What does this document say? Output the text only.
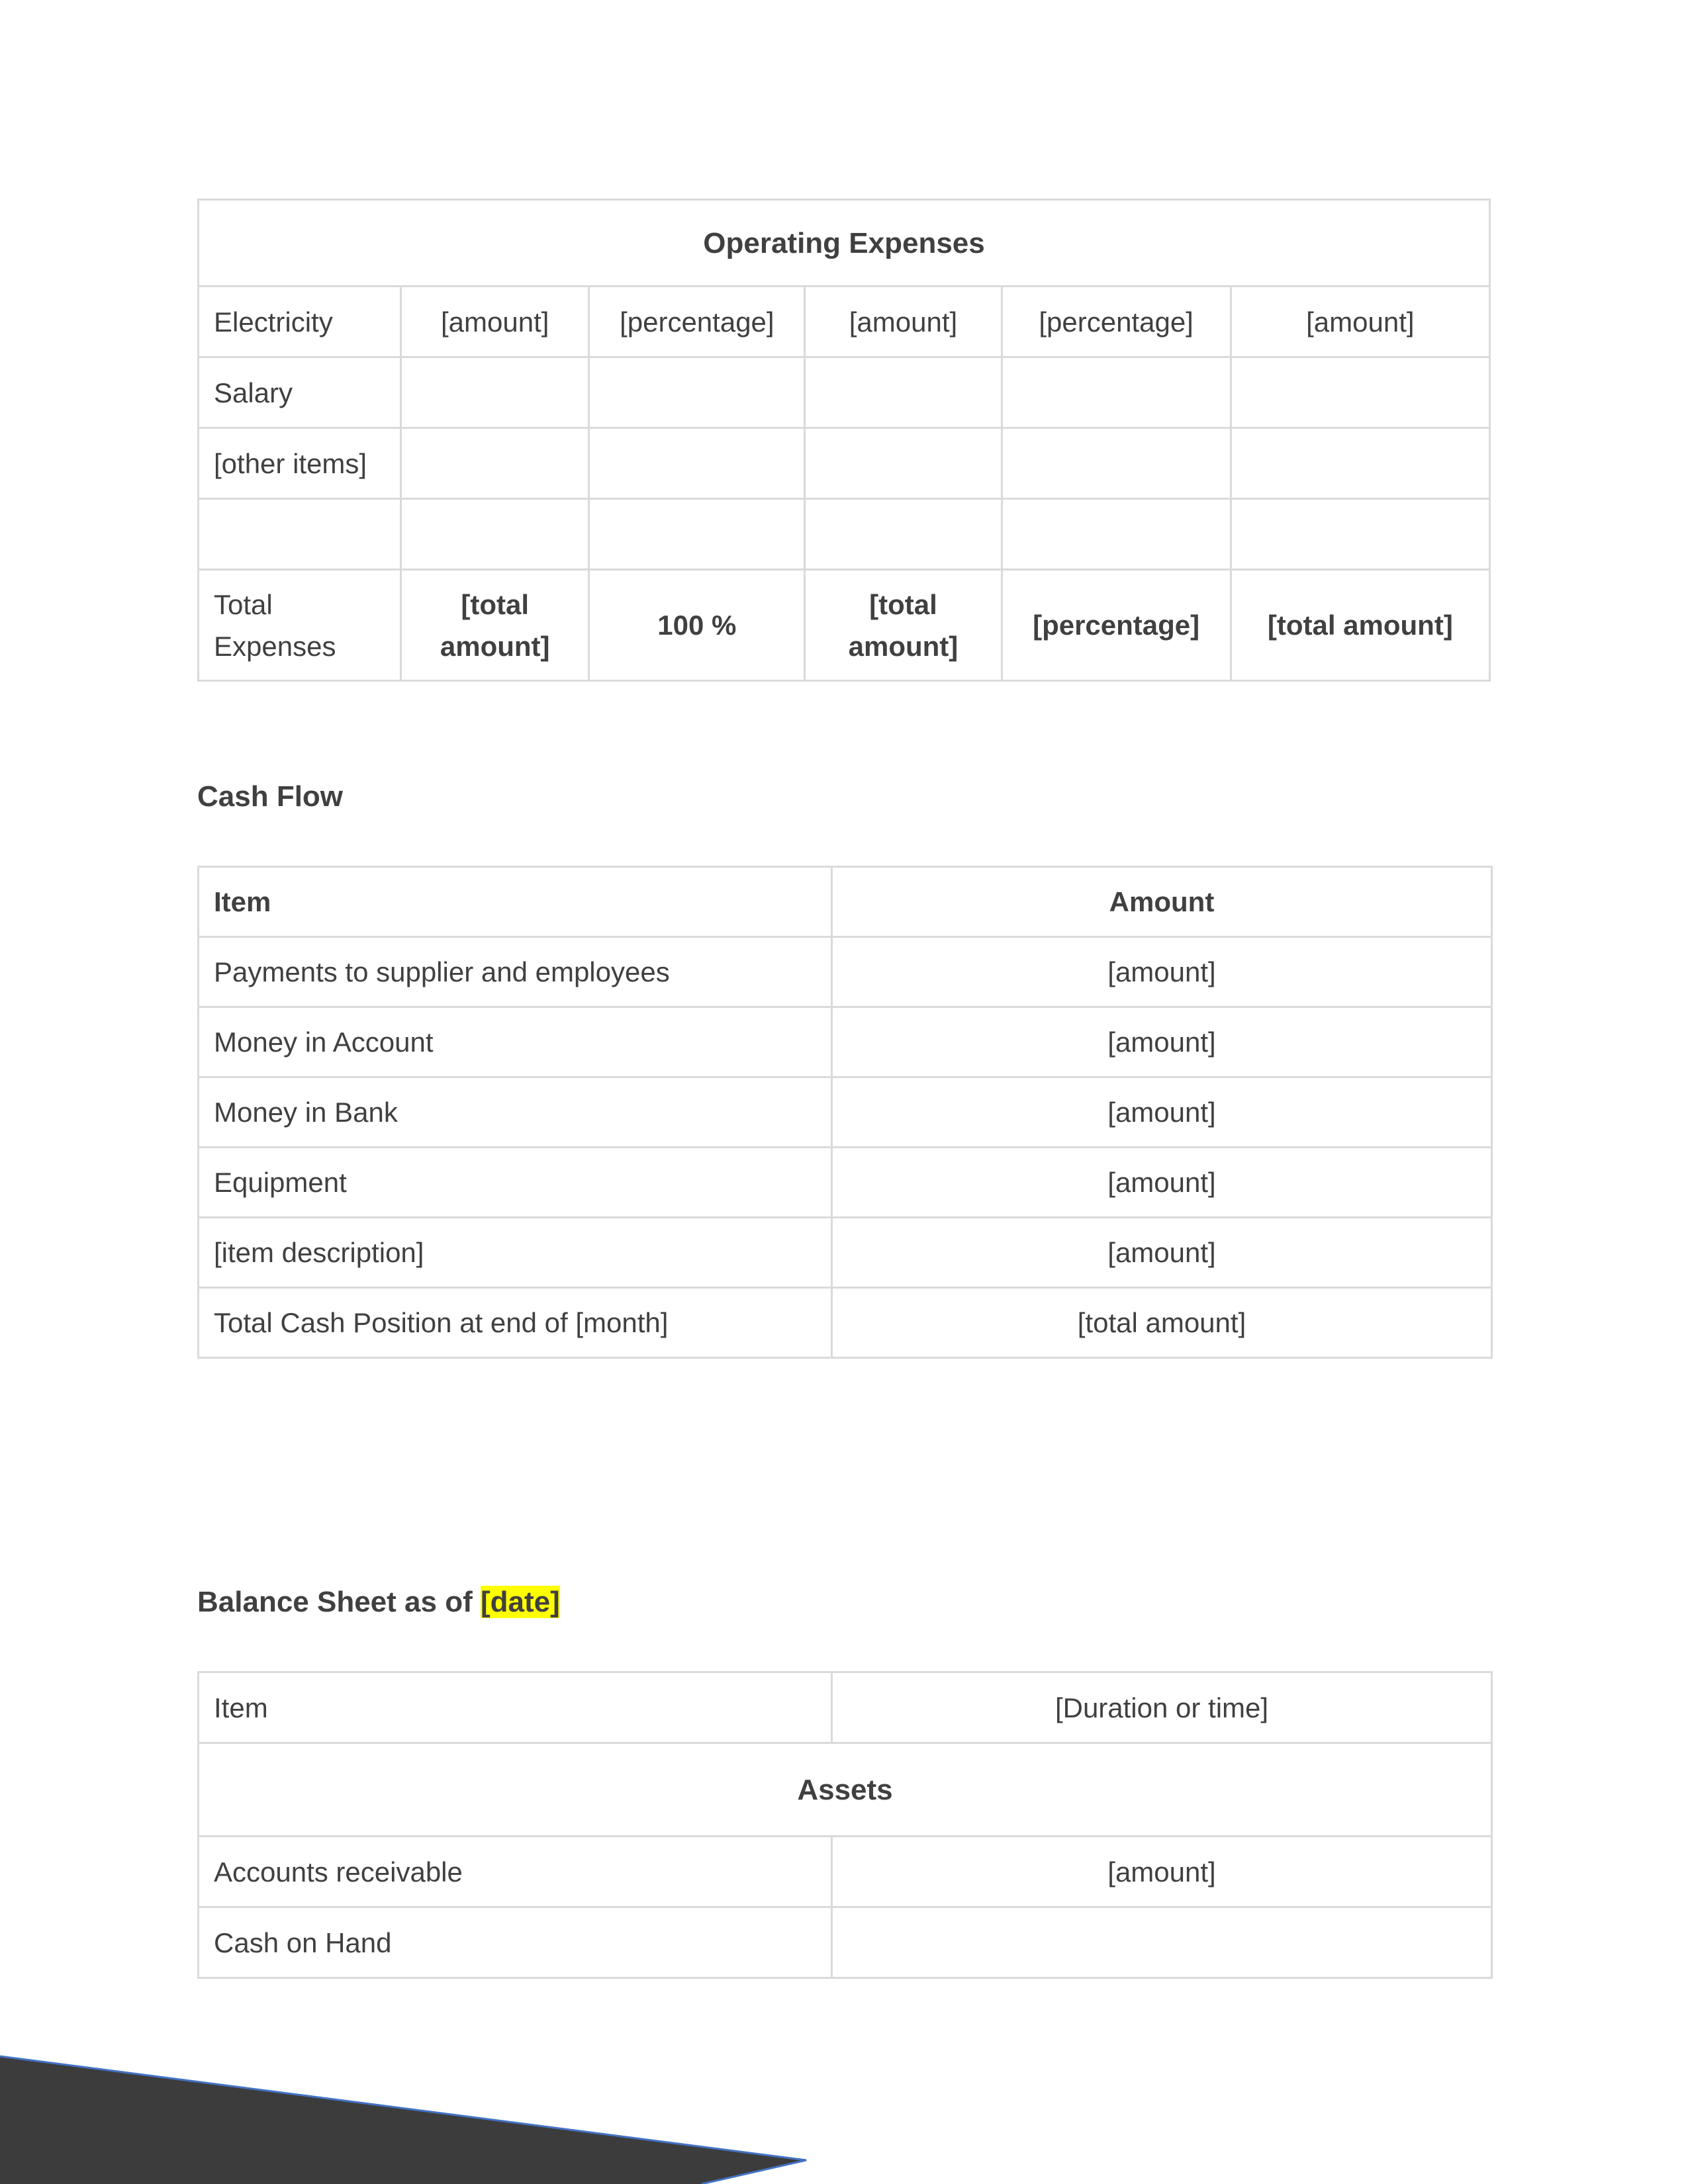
Operating Expenses					
Electricity	[amount]	[percentage]	[amount]	[percentage]	[amount]
Salary					
[other items]					

Total Expenses	[total amount]	100 %	[total amount]	[percentage]	[total amount]
Cash Flow
Item	Amount
Payments to supplier and employees	[amount]
Money in Account	[amount]
Money in Bank	[amount]
Equipment	[amount]
[item description]	[amount]
Total Cash Position at end of [month]	[total amount]
Balance Sheet as of [date]
Item	[Duration or time]
Assets	
Accounts receivable	[amount]
Cash on Hand	
